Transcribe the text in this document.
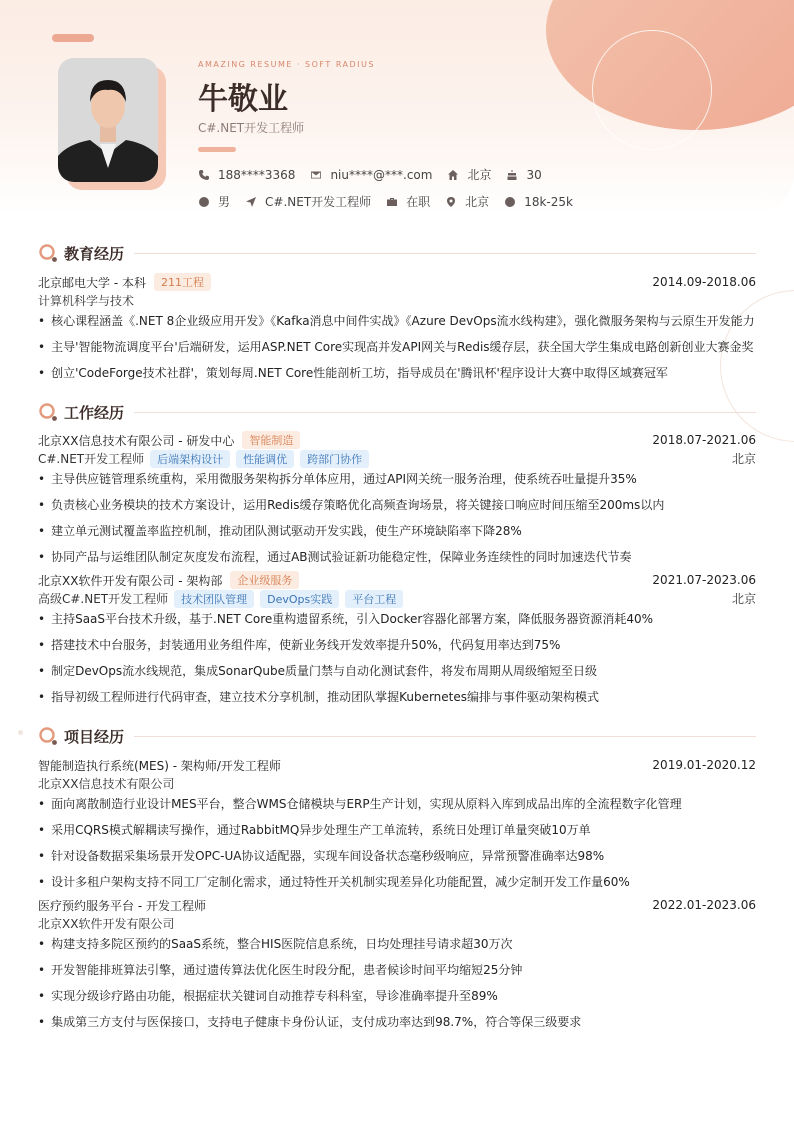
AMAZING RESUME · SOFT RADIUS
牛敬业
C#.NET开发工程师
188****3368	niu****@***.com	北京	30
男	C#.NET开发工程师	在职	北京	18k-25k
教育经历
北京邮电大学 - 本科	211工程	2014.09-2018.06
计算机科学与技术
• 核心课程涵盖《.NET 8企业级应用开发》《Kafka消息中间件实战》《Azure DevOps流水线构建》，强化微服务架构与云原生开发能力
• 主导'智能物流调度平台'后端研发，运用ASP.NET Core实现高并发API网关与Redis缓存层，获全国大学生集成电路创新创业大赛金奖
• 创立'CodeForge技术社群'，策划每周.NET Core性能剖析工坊，指导成员在'腾讯杯'程序设计大赛中取得区域赛冠军
工作经历
北京XX信息技术有限公司 - 研发中心	智能制造	2018.07-2021.06
C#.NET开发工程师	后端架构设计	性能调优	跨部门协作	北京
• 主导供应链管理系统重构，采用微服务架构拆分单体应用，通过API网关统一服务治理，使系统吞吐量提升35%
• 负责核心业务模块的技术方案设计，运用Redis缓存策略优化高频查询场景，将关键接口响应时间压缩至200ms以内
• 建立单元测试覆盖率监控机制，推动团队测试驱动开发实践，使生产环境缺陷率下降28%
• 协同产品与运维团队制定灰度发布流程，通过AB测试验证新功能稳定性，保障业务连续性的同时加速迭代节奏
北京XX软件开发有限公司 - 架构部	企业级服务	2021.07-2023.06
高级C#.NET开发工程师	技术团队管理	DevOps实践	平台工程	北京
• 主持SaaS平台技术升级，基于.NET Core重构遗留系统，引入Docker容器化部署方案，降低服务器资源消耗40%
• 搭建技术中台服务，封装通用业务组件库，使新业务线开发效率提升50%，代码复用率达到75%
• 制定DevOps流水线规范，集成SonarQube质量门禁与自动化测试套件，将发布周期从周级缩短至日级
• 指导初级工程师进行代码审查，建立技术分享机制，推动团队掌握Kubernetes编排与事件驱动架构模式
项目经历
智能制造执行系统(MES) - 架构师/开发工程师	2019.01-2020.12
北京XX信息技术有限公司
• 面向离散制造行业设计MES平台，整合WMS仓储模块与ERP生产计划，实现从原料入库到成品出库的全流程数字化管理
• 采用CQRS模式解耦读写操作，通过RabbitMQ异步处理生产工单流转，系统日处理订单量突破10万单
• 针对设备数据采集场景开发OPC-UA协议适配器，实现车间设备状态毫秒级响应，异常预警准确率达98%
• 设计多租户架构支持不同工厂定制化需求，通过特性开关机制实现差异化功能配置，减少定制开发工作量60%
医疗预约服务平台 - 开发工程师	2022.01-2023.06
北京XX软件开发有限公司
• 构建支持多院区预约的SaaS系统，整合HIS医院信息系统，日均处理挂号请求超30万次
• 开发智能排班算法引擎，通过遗传算法优化医生时段分配，患者候诊时间平均缩短25分钟
• 实现分级诊疗路由功能，根据症状关键词自动推荐专科科室，导诊准确率提升至89%
• 集成第三方支付与医保接口，支持电子健康卡身份认证，支付成功率达到98.7%，符合等保三级要求
